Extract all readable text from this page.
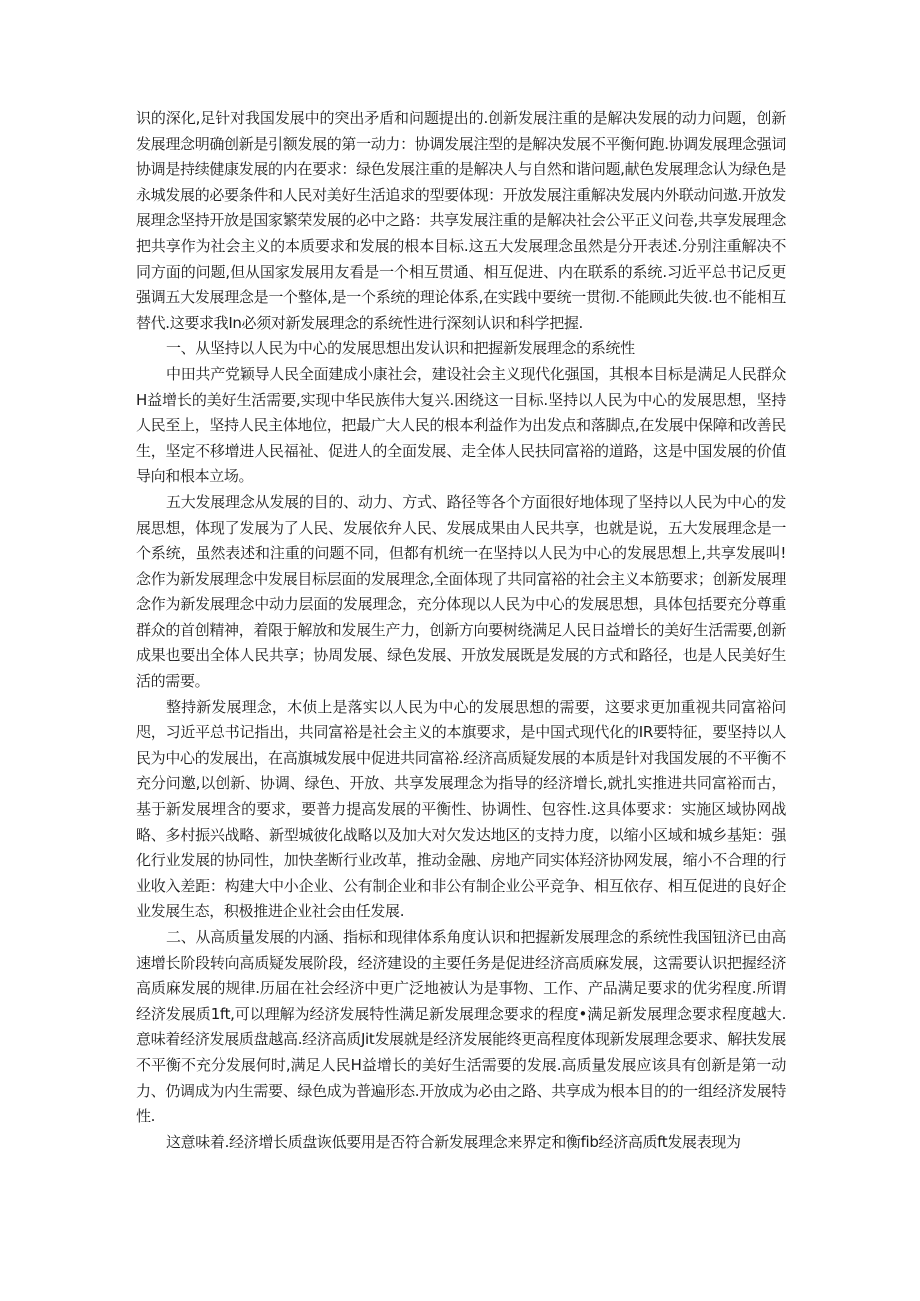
识的深化,足针对我国发展中的突出矛盾和问题提出的.创新发展注重的是解决发展的动力问题，创新发展理念明确创新是引额发展的第一动力：协调发展注型的是解决发展不平衡何跑.协调发展理念强词协调是持续健康发展的内在要求：绿色发展注重的是解决人与自然和谐问题,献色发展理念认为绿色是永城发展的必要条件和人民对美好生活追求的型要体现：开放发展注重解决发展内外联动问遨.开放发展理念坚持开放是国家繁荣发展的必中之路：共享发展注重的是解决社会公平正义问卷,共享发展理念把共享作为社会主义的本质要求和发展的根本目标.这五大发展理念虽然是分开表述.分别注重解决不同方面的问题,但从国家发展用友看是一个相互贯通、相互促进、内在联系的系统.习近平总书记反更强调五大发展理念是一个整体,是一个系统的理论体系,在实践中要统一贯彻.不能顾此失彼.也不能相互替代.这要求我In必须对新发展理念的系统性进行深刻认识和科学把握.

一、从坚持以人民为中心的发展思想出发认识和把握新发展理念的系统性

中田共产党颖导人民全面建成小康社会，建设社会主义现代化强国，其根本目标是满足人民群众H益增长的美好生活需要,实现中华民族伟大复兴.困绕这一目标.坚持以人民为中心的发展思想，坚持人民至上，坚持人民主体地位，把最广大人民的根本利益作为出发点和落脚点,在发展中保障和改善民生，坚定不移增进人民福祉、促进人的全面发展、走全体人民扶同富裕的道路，这是中国发展的价值导向和根本立场。

五大发展理念从发展的目的、动力、方式、路径等各个方面很好地体现了坚持以人民为中心的发展思想，体现了发展为了人民、发展依弁人民、发展成果由人民共享，也就是说，五大发展理念是一个系统，虽然表述和注重的问题不同，但都有机统一在坚持以人民为中心的发展思想上,共享发展叫!念作为新发展理念中发展目标层面的发展理念,全面体现了共同富裕的社会主义本筋要求；创新发展理念作为新发展理念中动力层面的发展理念，充分体现以人民为中心的发展思想，具体包括要充分尊重群众的首创精神，着限于解放和发展生产力，创新方向要树绕满足人民日益增长的美好生活需要,创新成果也要出全体人民共享；协周发展、绿色发展、开放发展既是发展的方式和路径，也是人民美好生活的需要。

整持新发展理念，木侦上是落实以人民为中心的发展思想的需要，这要求更加重视共同富裕问咫，习近平总书记指出，共同富裕是社会主义的本旗要求，是中国式现代化的IR要特征，要坚持以人民为中心的发展出，在高旗城发展中促进共同富裕.经济高质疑发展的本质是针对我国发展的不平衡不充分问邀,以创新、协调、绿色、开放、共享发展理念为指导的经济增长,就扎实推进共同富裕而古，基于新发展埋含的要求，要普力提高发展的平衡性、协调性、包容性.这具体要求：实施区域协网战略、多村振兴战略、新型城彼化战略以及加大对欠发达地区的支持力度，以缩小区域和城乡基矩：强化行业发展的协同性，加快垄断行业改革，推动金融、房地产同实体羟济协网发展，缩小不合理的行业收入差距：构建大中小企业、公有制企业和非公有制企业公平竞争、相互依存、相互促进的良好企业发展生态，积极推进企业社会由任发展.

二、从高质量发展的内涵、指标和现律体系角度认识和把握新发展理念的系统性我国钮济已由高速增长阶段转向高质疑发展阶段，经济建设的主要任务是促进经济高质麻发展，这需要认识把握经济高质麻发展的规律.历届在社会经济中更广泛地被认为是事物、工作、产品满足要求的优劣程度.所谓经济发展质1ft,可以理解为经济发展特性满足新发展理念要求的程度•满足新发展理念要求程度越大.意味着经济发展质盘越高.经济高质Jit发展就是经济发展能终更高程度体现新发展理念要求、解扶发展不平衡不充分发展何时,满足人民H益增长的美好生活需要的发展.高质量发展应该具有创新是第一动力、仍调成为内生需要、绿色成为普遍形态.开放成为必由之路、共享成为根本目的的一组经济发展特性.

这意味着.经济增长质盘诙低要用是否符合新发展理念来界定和衡fib经济高质ft发展表现为
